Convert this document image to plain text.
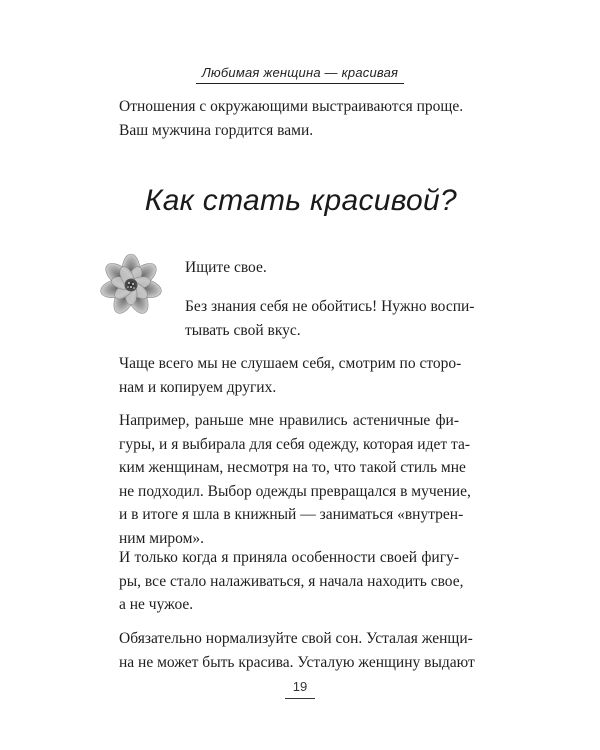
Любимая женщина — красивая

Отношения с окружающими выстраиваются проще.
Ваш мужчина гордится вами.

Как стать красивой?

Ищите свое.

Без знания себя не обойтись! Нужно воспи-
тывать свой вкус.

Чаще всего мы не слушаем себя, смотрим по сторо-
нам и копируем других.

Например, раньше мне нравились астеничные фи-
гуры, и я выбирала для себя одежду, которая идет та-
ким женщинам, несмотря на то, что такой стиль мне
не подходил. Выбор одежды превращался в мучение,
и в итоге я шла в книжный — заниматься «внутрен-
ним миром».

И только когда я приняла особенности своей фигу-
ры, все стало налаживаться, я начала находить свое,
а не чужое.

Обязательно нормализуйте свой сон. Усталая женщи-
на не может быть красива. Усталую женщину выдают

19
